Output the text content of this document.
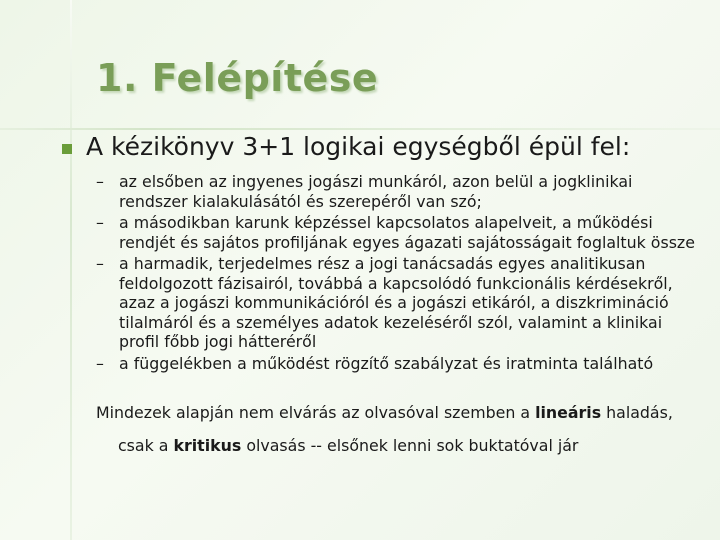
1. Felépítése
A kézikönyv 3+1 logikai egységből épül fel:
– az elsőben az ingyenes jogászi munkáról, azon belül a jogklinikai rendszer kialakulásától és szerepéről van szó;
– a másodikban karunk képzéssel kapcsolatos alapelveit, a működési rendjét és sajátos profiljának egyes ágazati sajátosságait foglaltuk össze
– a harmadik, terjedelmes rész a jogi tanácsadás egyes analitikusan feldolgozott fázisairól, továbbá a kapcsolódó funkcionális kérdésekről, azaz a jogászi kommunikációról és a jogászi etikáról, a diszkrimináció tilalmáról és a személyes adatok kezeléséről szól, valamint a klinikai profil főbb jogi hátteréről
– a függelékben a működést rögzítő szabályzat és iratminta található
Mindezek alapján nem elvárás az olvasóval szemben a lineáris haladás,
csak a kritikus olvasás -- elsőnek lenni sok buktatóval jár
